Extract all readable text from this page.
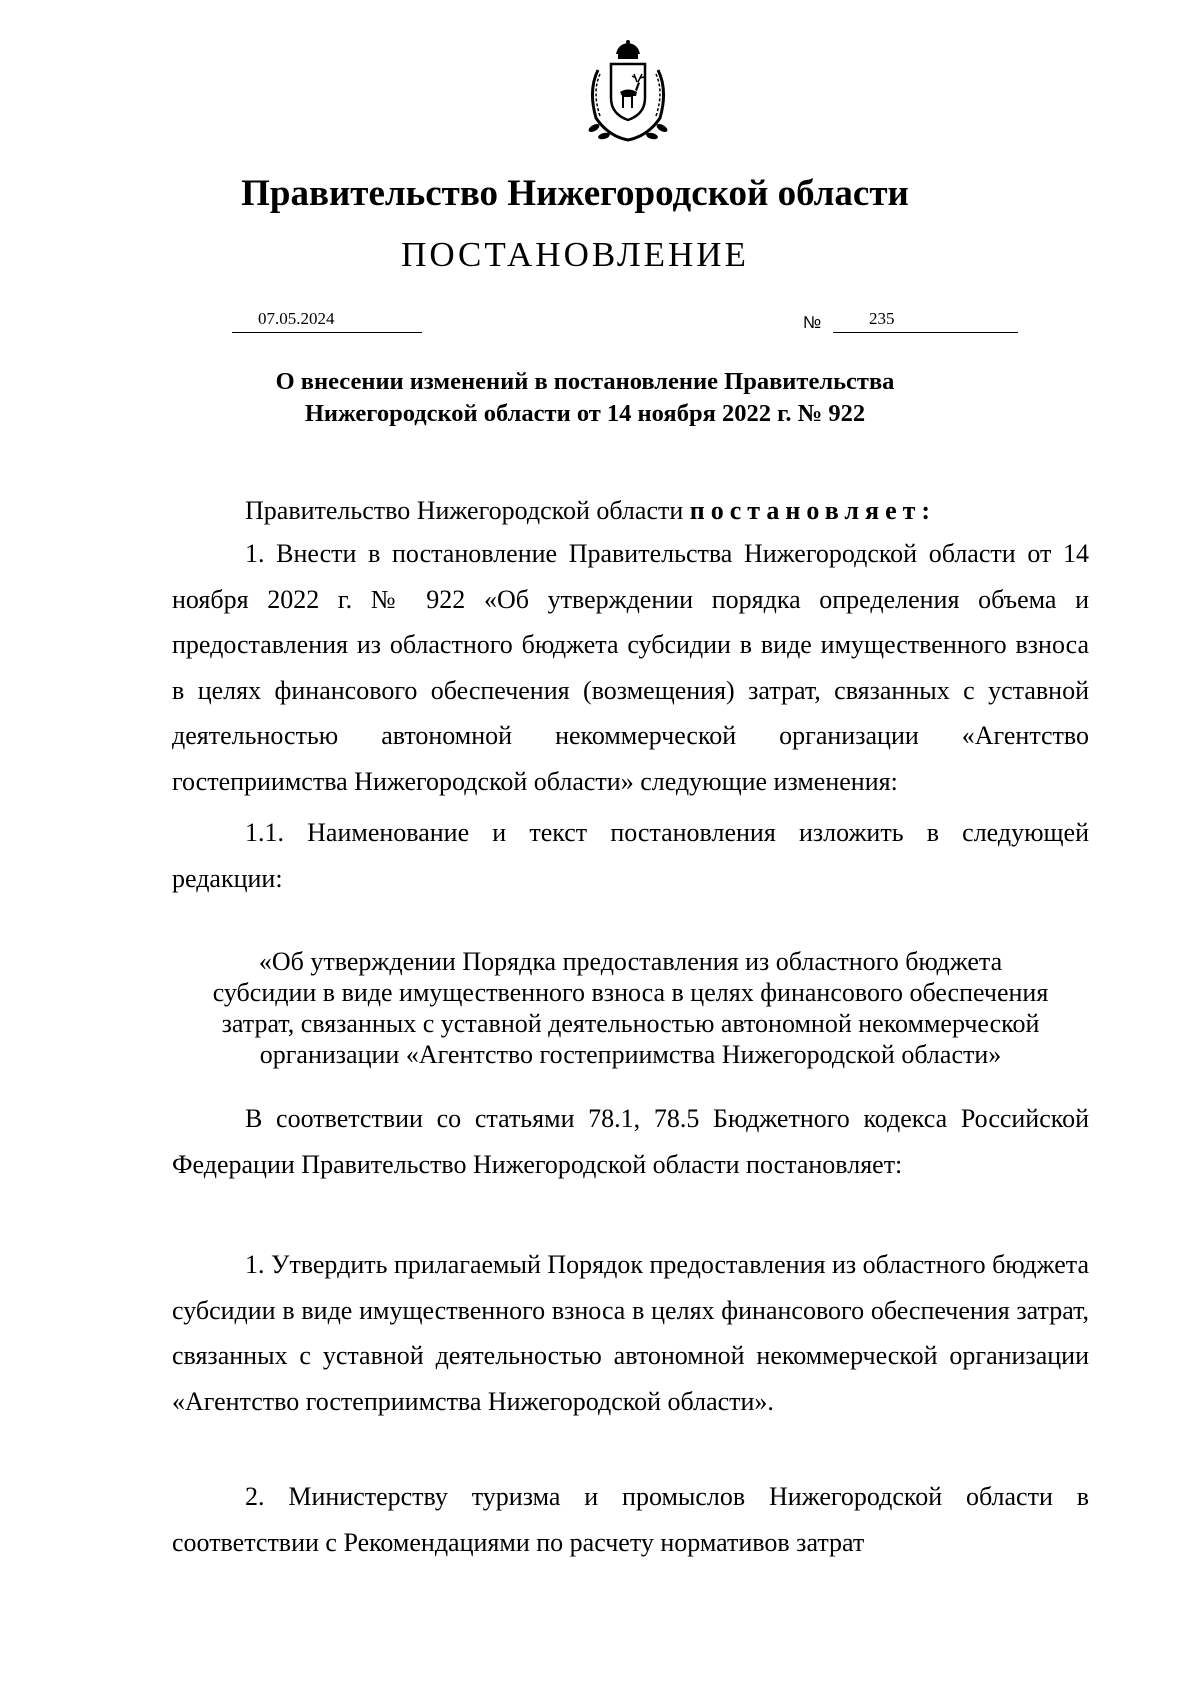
Правительство Нижегородской области
ПОСТАНОВЛЕНИЕ
07.05.2024	№	235
О внесении изменений в постановление Правительства
Нижегородской области от 14 ноября 2022 г. № 922
Правительство Нижегородской области постановляет:
1. Внести в постановление Правительства Нижегородской области от 14 ноября 2022 г. № 922 «Об утверждении порядка определения объема и предоставления из областного бюджета субсидии в виде имущественного взноса в целях финансового обеспечения (возмещения) затрат, связанных с уставной деятельностью автономной некоммерческой организации «Агентство гостеприимства Нижегородской области» следующие изменения:
1.1. Наименование и текст постановления изложить в следующей редакции:
«Об утверждении Порядка предоставления из областного бюджета
субсидии в виде имущественного взноса в целях финансового обеспечения
затрат, связанных с уставной деятельностью автономной некоммерческой
организации «Агентство гостеприимства Нижегородской области»
В соответствии со статьями 78.1, 78.5 Бюджетного кодекса Российской Федерации Правительство Нижегородской области постановляет:
1. Утвердить прилагаемый Порядок предоставления из областного бюджета субсидии в виде имущественного взноса в целях финансового обеспечения затрат, связанных с уставной деятельностью автономной некоммерческой организации «Агентство гостеприимства Нижегородской области».
2. Министерству туризма и промыслов Нижегородской области в соответствии с Рекомендациями по расчету нормативов затрат
